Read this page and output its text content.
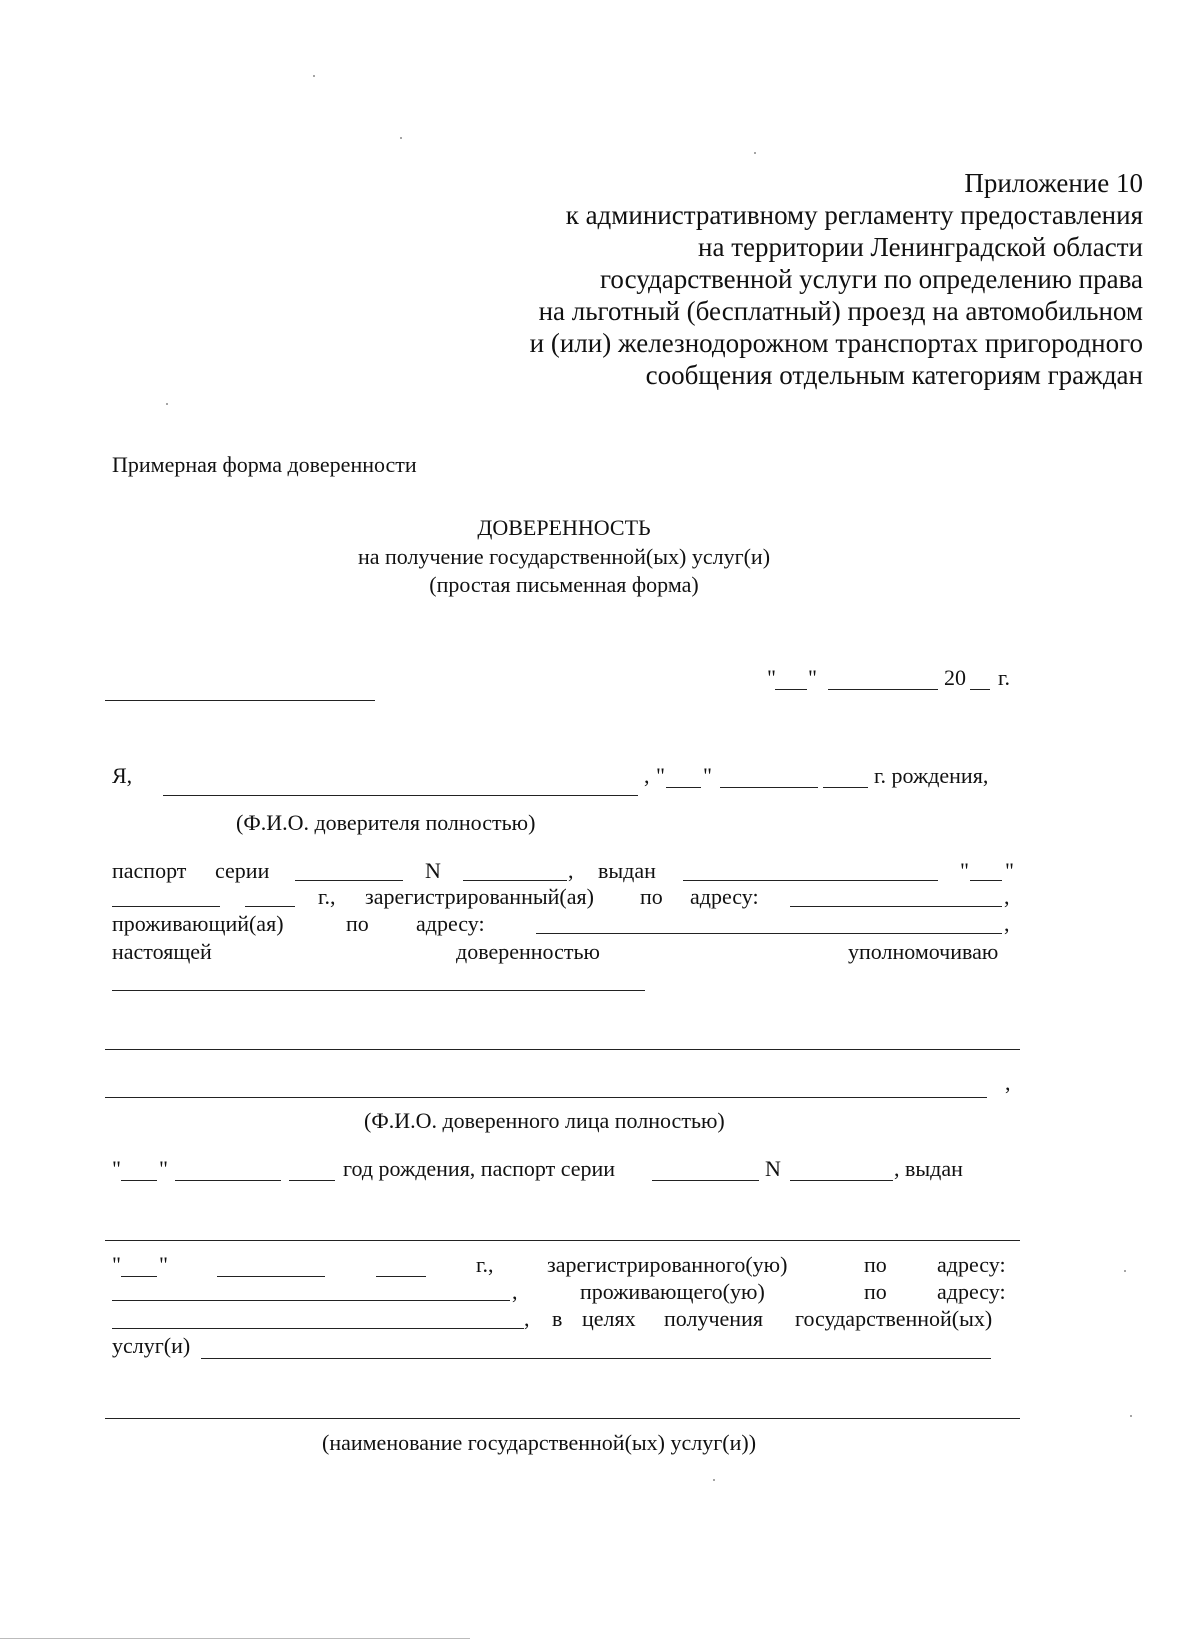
Приложение 10
к административному регламенту предоставления
на территории Ленинградской области
государственной услуги по определению права
на льготный (бесплатный) проезд на автомобильном
и (или) железнодорожном транспортах пригородного
сообщения отдельным категориям граждан
Примерная форма доверенности
ДОВЕРЕННОСТЬ
на получение государственной(ых) услуг(и)
(простая письменная форма)
" "	20 г.
Я,	, " "	г. рождения,
(Ф.И.О. доверителя полностью)
паспорт серии	N	, выдан	" "
г., зарегистрированный(ая) по адресу:	,
проживающий(ая)	по адресу:	,
настоящей	доверенностью	уполномочиваю
,
(Ф.И.О. доверенного лица полностью)
" "	год рождения, паспорт серии	N	, выдан
" "	г., зарегистрированного(ую)	по адресу:
,	проживающего(ую)	по адресу:
, в целях получения государственной(ых)
услуг(и)
(наименование государственной(ых) услуг(и))
